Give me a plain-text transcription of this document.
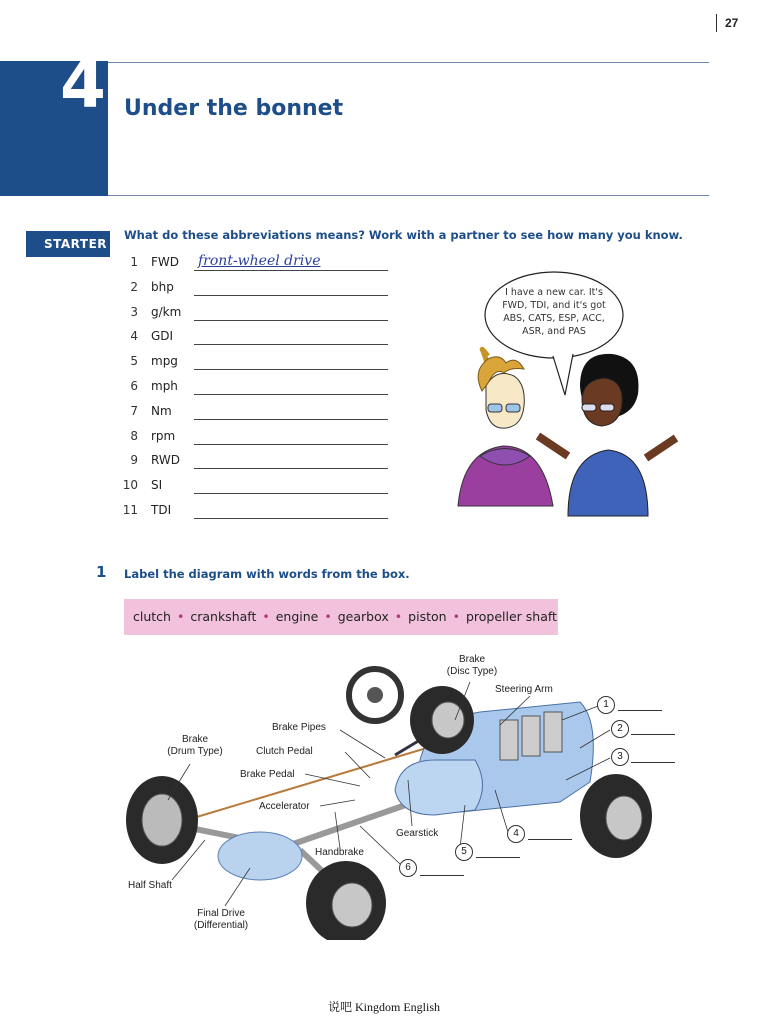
27
4 Under the bonnet
STARTER
What do these abbreviations means? Work with a partner to see how many you know.
1 FWD front-wheel drive
2 bhp
3 g/km
4 GDI
5 mpg
6 mph
7 Nm
8 rpm
9 RWD
10 SI
11 TDI
I have a new car. It's FWD, TDI, and it's got ABS, CATS, ESP, ACC, ASR, and PAS
1 Label the diagram with words from the box.
clutch • crankshaft • engine • gearbox • piston • propeller shaft
Brake
(Disc Type)
Steering Arm
Brake Pipes
Brake
(Drum Type)	Clutch Pedal
Brake Pedal
Accelerator
Gearstick
Handbrake
Half Shaft
Final Drive
(Differential)
1
2
3
4
5
6
说吧 Kingdom English
